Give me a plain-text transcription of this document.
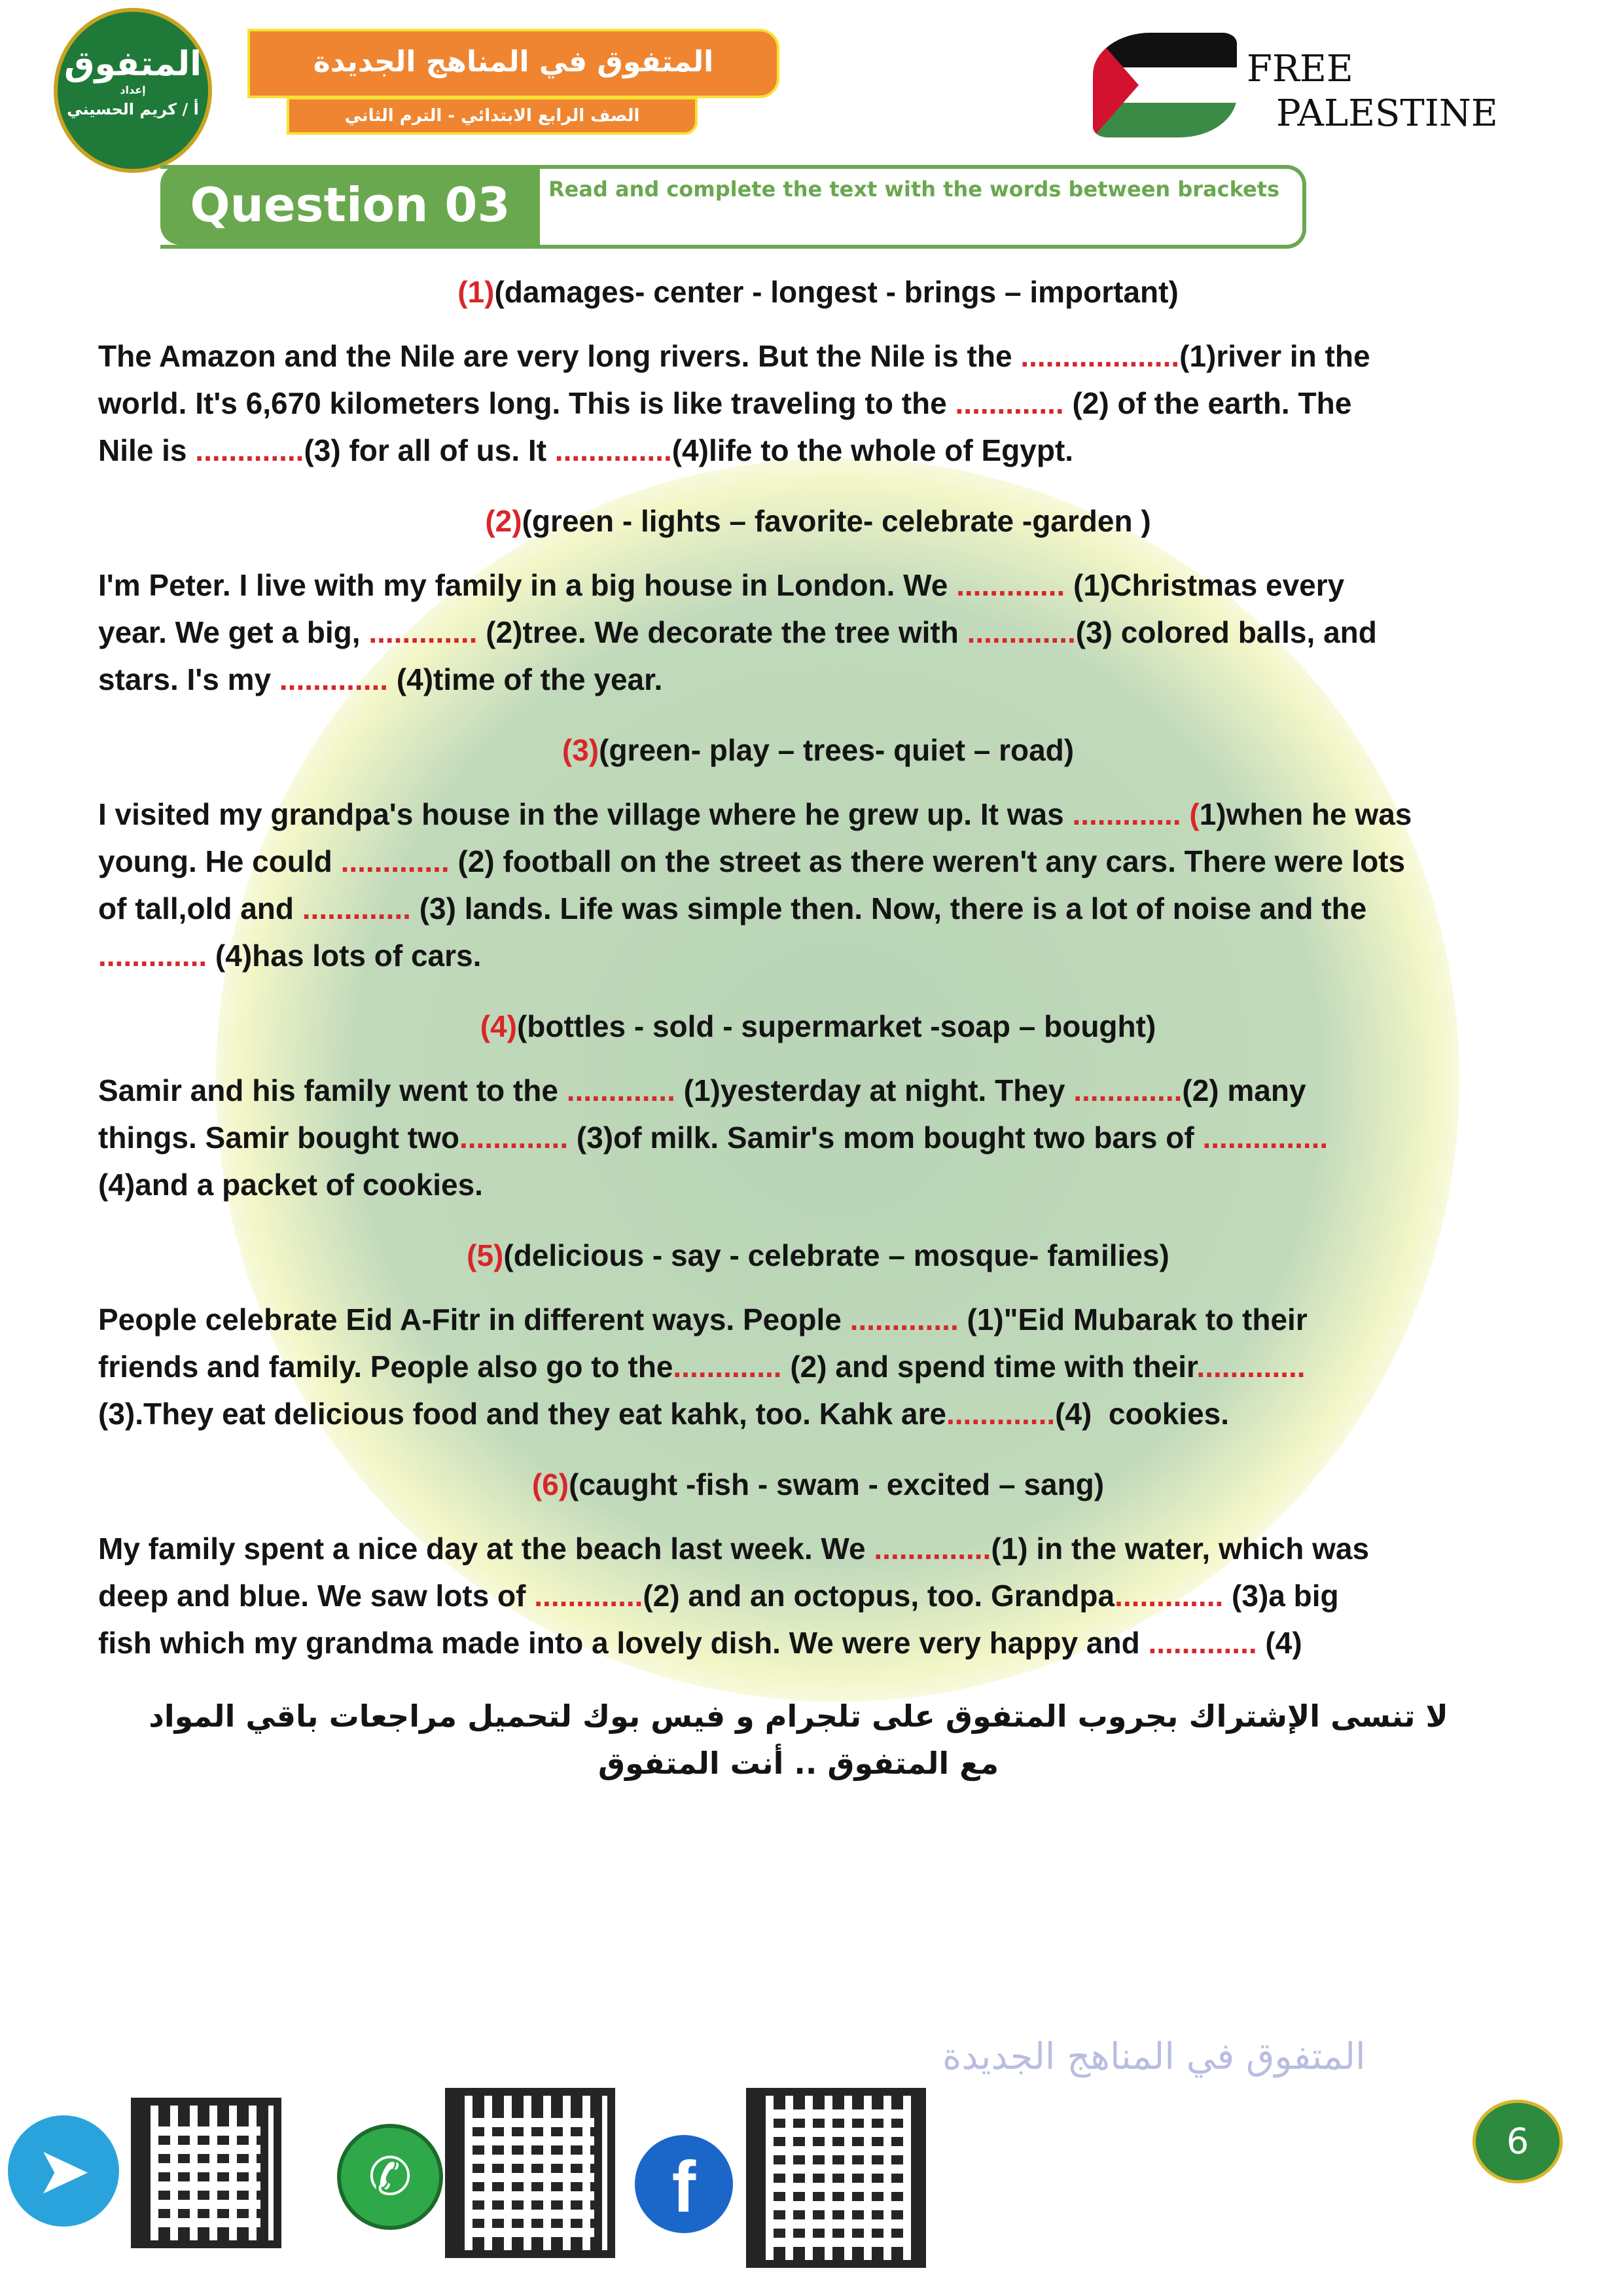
المتفوق
إعداد
أ / كريم الحسيني
المتفوق في المناهج الجديدة
الصف الرابع الابتدائي - الترم الثاني
FREE
PALESTINE
Question 03	Read and complete the text with the words between brackets
(1)(damages- center - longest - brings – important)
The Amazon and the Nile are very long rivers. But the Nile is the ...................(1)river in the
world. It's 6,670 kilometers long. This is like traveling to the ............. (2) of the earth. The
Nile is .............(3) for all of us. It ..............(4)life to the whole of Egypt.
(2)(green - lights – favorite- celebrate -garden )
I'm Peter. I live with my family in a big house in London. We ............. (1)Christmas every
year. We get a big, ............. (2)tree. We decorate the tree with .............(3) colored balls, and
stars. I's my ............. (4)time of the year.
(3)(green- play – trees- quiet – road)
I visited my grandpa's house in the village where he grew up. It was ............. (1)when he was
young. He could ............. (2) football on the street as there weren't any cars. There were lots
of tall,old and ............. (3) lands. Life was simple then. Now, there is a lot of noise and the
............. (4)has lots of cars.
(4)(bottles - sold - supermarket -soap – bought)
Samir and his family went to the ............. (1)yesterday at night. They .............(2) many
things. Samir bought two............. (3)of milk. Samir's mom bought two bars of ...............
(4)and a packet of cookies.
(5)(delicious - say - celebrate – mosque- families)
People celebrate Eid A-Fitr in different ways. People ............. (1)"Eid Mubarak to their
friends and family. People also go to the............. (2) and spend time with their.............
(3).They eat delicious food and they eat kahk, too. Kahk are.............(4)  cookies.
(6)(caught -fish - swam - excited – sang)
My family spent a nice day at the beach last week. We ..............(1) in the water, which was
deep and blue. We saw lots of .............(2) and an octopus, too. Grandpa............. (3)a big
fish which my grandma made into a lovely dish. We were very happy and ............. (4)
لا تنسى الإشتراك بجروب المتفوق على تلجرام و فيس بوك لتحميل مراجعات باقي المواد
مع المتفوق .. أنت المتفوق
المتفوق في المناهج الجديدة
➤	✆	f
6
